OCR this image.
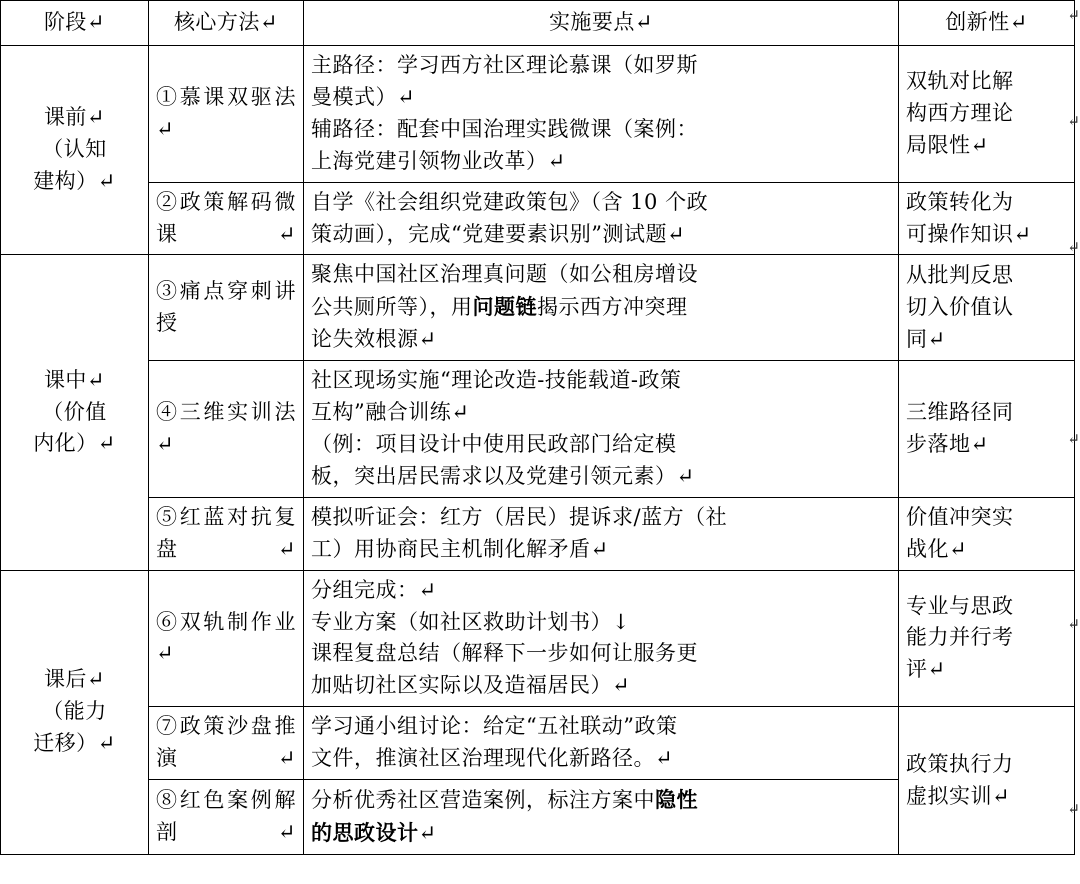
阶段↵	核心方法↵	实施要点↵	创新性↵

课前↵
（认知
建构）↵	①慕课双驱法↵	主路径：学习西方社区理论慕课（如罗斯
曼模式）↵
辅路径：配套中国治理实践微课（案例：
上海党建引领物业改革）↵	双轨对比解
构西方理论
局限性↵

	②政策解码微课↵	自学《社会组织党建政策包》（含 10 个政
策动画），完成“党建要素识别”测试题↵	政策转化为
可操作知识↵

课中↵
（价值
内化）↵	③痛点穿刺讲授	聚焦中国社区治理真问题（如公租房增设
公共厕所等），用问题链揭示西方冲突理
论失效根源↵	从批判反思
切入价值认
同↵

	④三维实训法↵	社区现场实施“理论改造-技能载道-政策
互构”融合训练↵
（例：项目设计中使用民政部门给定模
板，突出居民需求以及党建引领元素）↵	三维路径同
步落地↵

	⑤红蓝对抗复盘↵	模拟听证会：红方（居民）提诉求/蓝方（社
工）用协商民主机制化解矛盾↵	价值冲突实
战化↵

课后↵
（能力
迁移）↵	⑥双轨制作业↵	分组完成：↵
专业方案（如社区救助计划书）↓
课程复盘总结（解释下一步如何让服务更
加贴切社区实际以及造福居民）↵	专业与思政
能力并行考
评↵

	⑦政策沙盘推演↵	学习通小组讨论：给定“五社联动”政策
文件，推演社区治理现代化新路径。↵	政策执行力
虚拟实训↵

	⑧红色案例解剖↵	分析优秀社区营造案例，标注方案中隐性
的思政设计↵	
↵
↵
↵
↵
↵
↵
